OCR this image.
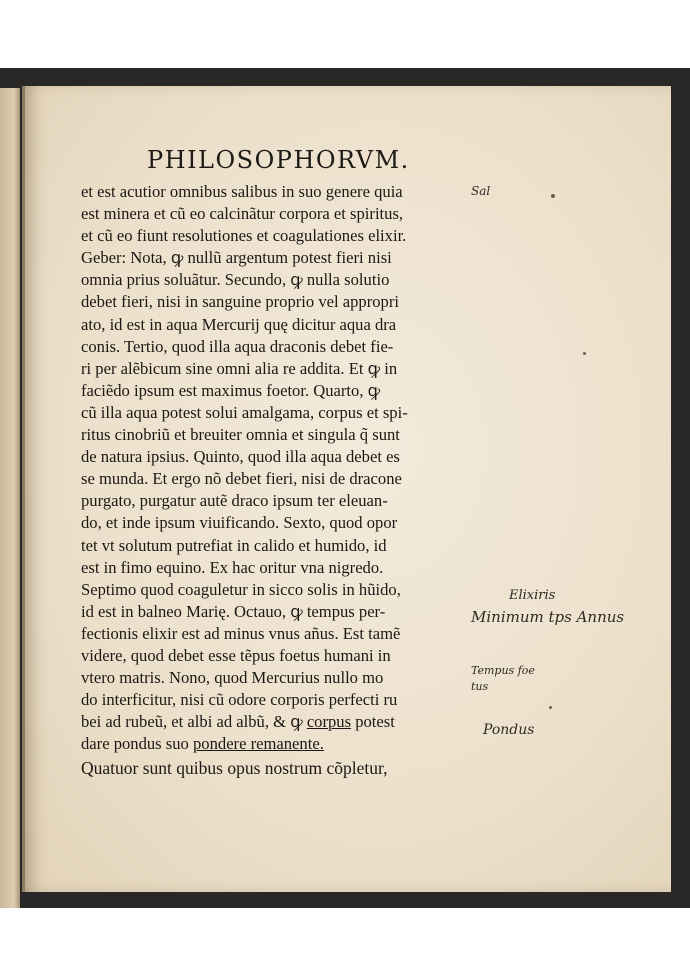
PHILOSOPHORVM.
et est acutior omnibus salibus in suo genere quia
est minera et cũ eo calcinãtur corpora et spiritus,
et cũ eo fiunt resolutiones et coagulationes elixir.
Geber: Nota, ꝙ nullũ argentum potest fieri nisi
omnia prius soluãtur. Secundo, ꝙ nulla solutio
debet fieri, nisi in sanguine proprio vel appropri
ato, id est in aqua Mercurij quę dicitur aqua dra
conis. Tertio, quod illa aqua draconis debet fie-
ri per alẽbicum sine omni alia re addita. Et ꝙ in
faciẽdo ipsum est maximus foetor. Quarto, ꝙ
cũ illa aqua potest solui amalgama, corpus et spi-
ritus cinobriũ et breuiter omnia et singula q̃ sunt
de natura ipsius. Quinto, quod illa aqua debet es
se munda. Et ergo nõ debet fieri, nisi de dracone
purgato, purgatur autẽ draco ipsum ter eleuan-
do, et inde ipsum viuificando. Sexto, quod opor
tet vt solutum putrefiat in calido et humido, id
est in fimo equino. Ex hac oritur vna nigredo.
Septimo quod coaguletur in sicco solis in hũido,
id est in balneo Marię. Octauo, ꝙ tempus per-
fectionis elixir est ad minus vnus añus. Est tamẽ
videre, quod debet esse tẽpus foetus humani in
vtero matris. Nono, quod Mercurius nullo mo
do interficitur, nisi cũ odore corporis perfecti ru
bei ad rubeũ, et albi ad albũ, & ꝙ corpus potest
dare pondus suo pondere remanente.
Quatuor sunt quibus opus nostrum cõpletur,
Sal
Elixiris
Minimum tps Annus
Tempus foe
tus
Pondus
